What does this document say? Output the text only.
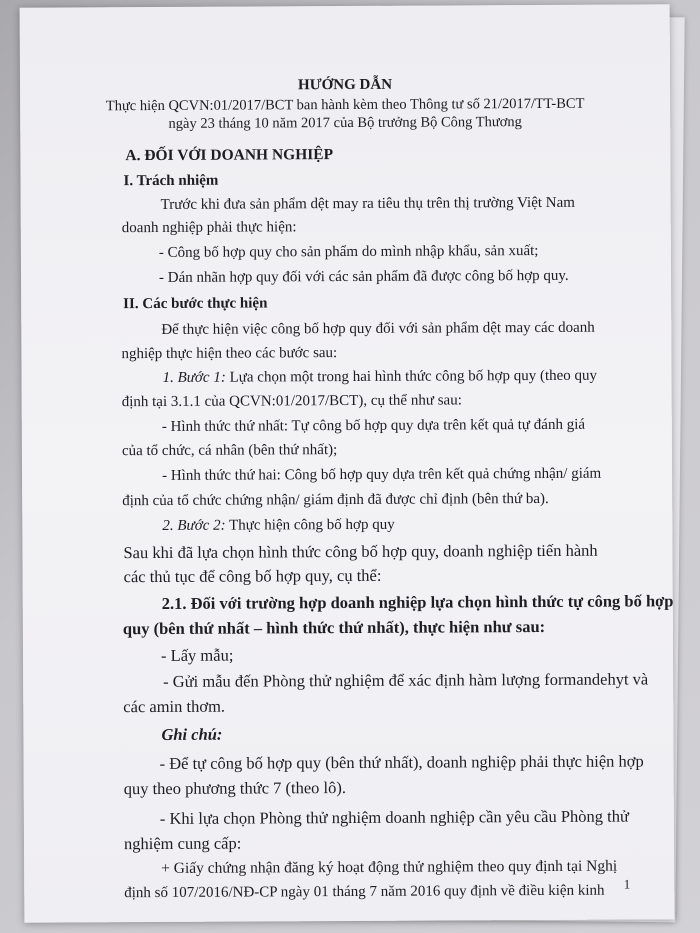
HƯỚNG DẪN
Thực hiện QCVN:01/2017/BCT ban hành kèm theo Thông tư số 21/2017/TT-BCT
ngày 23 tháng 10 năm 2017 của Bộ trưởng Bộ Công Thương
A. ĐỐI VỚI DOANH NGHIỆP
I. Trách nhiệm
Trước khi đưa sản phẩm dệt may ra tiêu thụ trên thị trường Việt Nam
doanh nghiệp phải thực hiện:
- Công bố hợp quy cho sản phẩm do mình nhập khẩu, sản xuất;
- Dán nhãn hợp quy đối với các sản phẩm đã được công bố hợp quy.
II. Các bước thực hiện
Để thực hiện việc công bố hợp quy đối với sản phẩm dệt may các doanh
nghiệp thực hiện theo các bước sau:
1. Bước 1: Lựa chọn một trong hai hình thức công bố hợp quy (theo quy
định tại 3.1.1 của QCVN:01/2017/BCT), cụ thể như sau:
- Hình thức thứ nhất: Tự công bố hợp quy dựa trên kết quả tự đánh giá
của tổ chức, cá nhân (bên thứ nhất);
- Hình thức thứ hai: Công bố hợp quy dựa trên kết quả chứng nhận/ giám
định của tổ chức chứng nhận/ giám định đã được chỉ định (bên thứ ba).
2. Bước 2: Thực hiện công bố hợp quy
Sau khi đã lựa chọn hình thức công bố hợp quy, doanh nghiệp tiến hành
các thủ tục để công bố hợp quy, cụ thể:
2.1. Đối với trường hợp doanh nghiệp lựa chọn hình thức tự công bố hợp
quy (bên thứ nhất – hình thức thứ nhất), thực hiện như sau:
- Lấy mẫu;
- Gửi mẫu đến Phòng thử nghiệm để xác định hàm lượng formandehyt và
các amin thơm.
Ghi chú:
- Để tự công bố hợp quy (bên thứ nhất), doanh nghiệp phải thực hiện hợp
quy theo phương thức 7 (theo lô).
- Khi lựa chọn Phòng thử nghiệm doanh nghiệp cần yêu cầu Phòng thử
nghiệm cung cấp:
+ Giấy chứng nhận đăng ký hoạt động thử nghiệm theo quy định tại Nghị
định số 107/2016/NĐ-CP ngày 01 tháng 7 năm 2016 quy định về điều kiện kinh 1
